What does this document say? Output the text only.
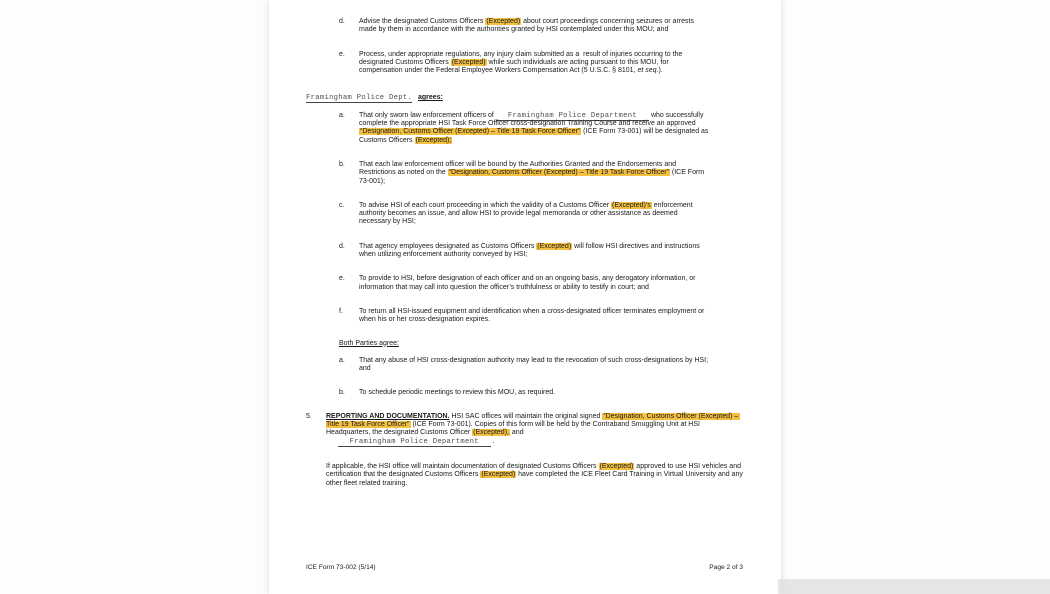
d.	Advise the designated Customs Officers (Excepted) about court proceedings concerning seizures or arrests made by them in accordance with the authorities granted by HSI contemplated under this MOU; and
e.	Process, under appropriate regulations, any injury claim submitted as a  result of injuries occurring to the designated Customs Officers (Excepted) while such individuals are acting pursuant to this MOU, for compensation under the Federal Employee Workers Compensation Act (5 U.S.C. § 8101, et seq.).
Framingham Police Dept. agrees:
a.	That only sworn law enforcement officers of Framingham Police Department who successfully complete the appropriate HSI Task Force Officer cross-designation Training Course and receive an approved “Designation, Customs Officer (Excepted) – Title 19 Task Force Officer” (ICE Form 73-001) will be designated as Customs Officers (Excepted);
b.	That each law enforcement officer will be bound by the Authorities Granted and the Endorsements and Restrictions as noted on the “Designation, Customs Officer (Excepted) – Title 19 Task Force Officer” (ICE Form 73-001);
c.	To advise HSI of each court proceeding in which the validity of a Customs Officer (Excepted)’s enforcement authority becomes an issue, and allow HSI to provide legal memoranda or other assistance as deemed necessary by HSI;
d.	That agency employees designated as Customs Officers (Excepted) will follow HSI directives and instructions when utilizing enforcement authority conveyed by HSI;
e.	To provide to HSI, before designation of each officer and on an ongoing basis, any derogatory information, or information that may call into question the officer’s truthfulness or ability to testify in court; and
f.	To return all HSI-issued equipment and identification when a cross-designated officer terminates employment or when his or her cross-designation expires.
Both Parties agree:
a.	That any abuse of HSI cross-designation authority may lead to the revocation of such cross-designations by HSI; and
b.	To schedule periodic meetings to review this MOU, as required.
5.	REPORTING AND DOCUMENTATION. HSI SAC offices will maintain the original signed “Designation, Customs Officer (Excepted) – Title 19 Task Force Officer” (ICE Form 73-001). Copies of this form will be held by the Contraband Smuggling Unit at HSI Headquarters, the designated Customs Officer (Excepted), and
Framingham Police Department .
If applicable, the HSI office will maintain documentation of designated Customs Officers (Excepted) approved to use HSI vehicles and certification that the designated Customs Officers (Excepted) have completed the ICE Fleet Card Training in Virtual University and any other fleet related training.
ICE Form 73-002 (5/14)	Page 2 of 3
